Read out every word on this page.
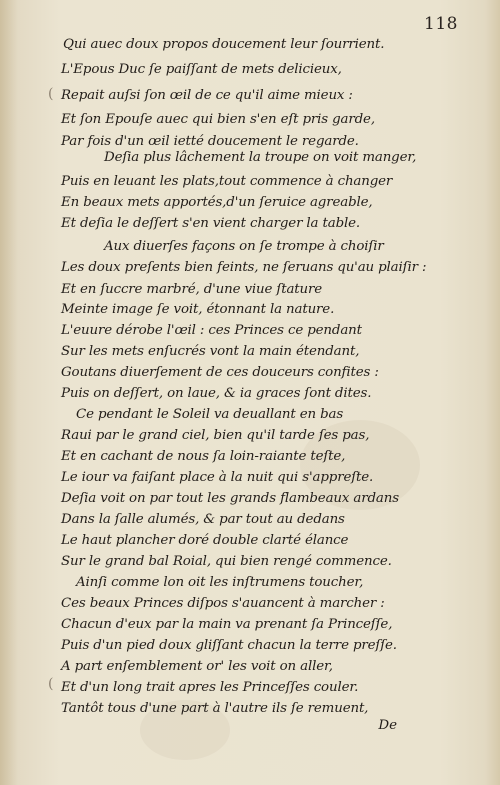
118
Qui auec doux propos doucement leur ſourrient.
L'Epous Duc ſe paiſſant de mets delicieux,
Repait auſsi ſon œil de ce qu'il aime mieux :
Et ſon Epouſe auec qui bien s'en eſt pris garde,
Par fois d'un œil ietté doucement le regarde.
Deſia plus lâchement la troupe on voit manger,
Puis en leuant les plats,tout commence à changer
En beaux mets apportés,d'un ſeruice agreable,
Et deſia le deſſert s'en vient charger la table.
Aux diuerſes façons on ſe trompe à choiſir
Les doux preſents bien feints, ne ſeruans qu'au plaiſir :
Et en ſuccre marbré, d'une viue ſtature
Meinte image ſe voit, étonnant la nature.
L'euure dérobe l'œil : ces Princes ce pendant
Sur les mets enſucrés vont la main étendant,
Goutans diuerſement de ces douceurs confites :
Puis on deſſert, on laue, & ia graces ſont dites.
Ce pendant le Soleil va deuallant en bas
Raui par le grand ciel, bien qu'il tarde ſes pas,
Et en cachant de nous ſa loin-raiante teſte,
Le iour va faiſant place à la nuit qui s'appreſte.
Deſia voit on par tout les grands flambeaux ardans
Dans la ſalle alumés, & par tout au dedans
Le haut plancher doré double clarté élance
Sur le grand bal Roial, qui bien rengé commence.
Ainſi comme lon oit les inſtrumens toucher,
Ces beaux Princes diſpos s'auancent à marcher :
Chacun d'eux par la main va prenant ſa Princeſſe,
Puis d'un pied doux gliſſant chacun la terre preſſe.
A part enſemblement or' les voit on aller,
Et d'un long trait apres les Princeſſes couler.
Tantôt tous d'une part à l'autre ils ſe remuent,
De
(
(
